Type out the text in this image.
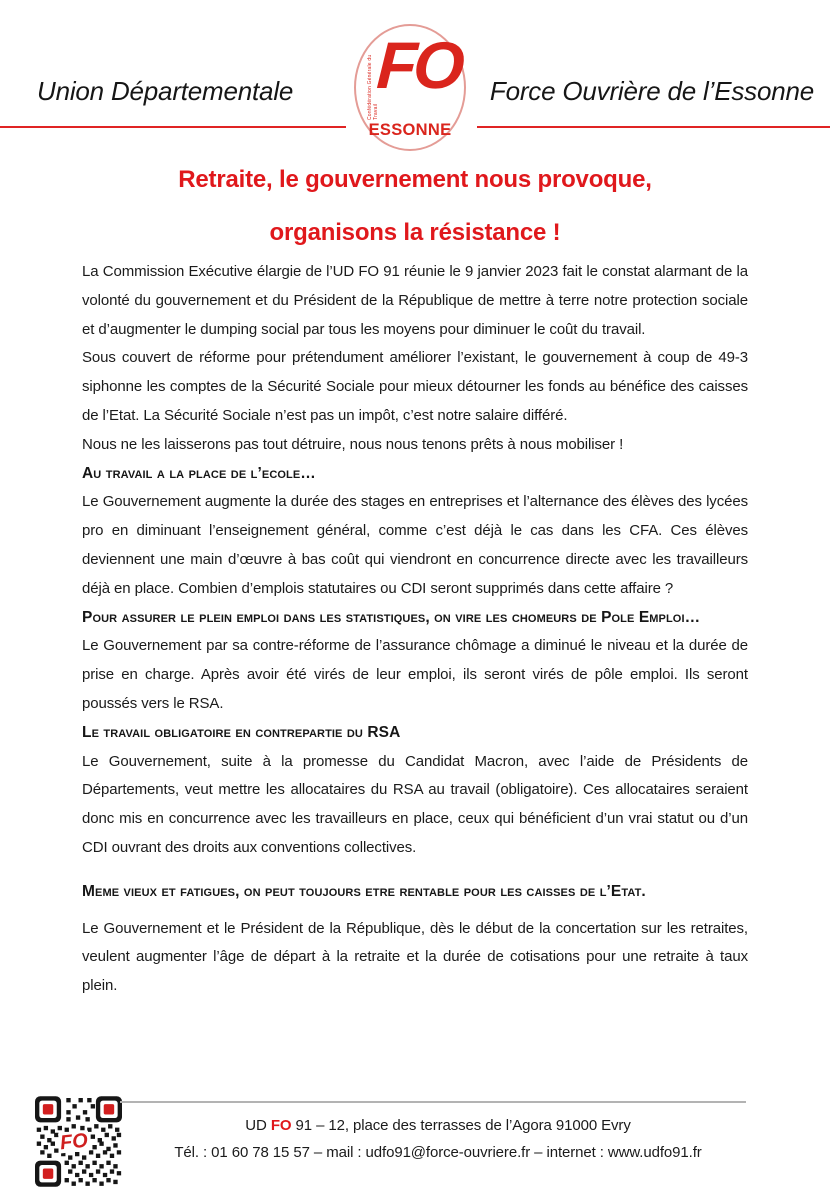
Union Départementale	Force Ouvrière de l’Essonne
Confédération Générale du Travail
FO
ESSONNE
Retraite, le gouvernement nous provoque,
organisons la résistance !

La Commission Exécutive élargie de l’UD FO 91 réunie le 9 janvier 2023 fait le constat alarmant de la volonté du gouvernement et du Président de la République de mettre à terre notre protection sociale et d’augmenter le dumping social par tous les moyens pour diminuer le coût du travail.

Sous couvert de réforme pour prétendument améliorer l’existant, le gouvernement à coup de 49-3 siphonne les comptes de la Sécurité Sociale pour mieux détourner les fonds au bénéfice des caisses de l’Etat. La Sécurité Sociale n’est pas un impôt, c’est notre salaire différé.

Nous ne les laisserons pas tout détruire, nous nous tenons prêts à nous mobiliser !

Au travail a la place de l’ecole…

Le Gouvernement augmente la durée des stages en entreprises et l’alternance des élèves des lycées pro en diminuant l’enseignement général, comme c’est déjà le cas dans les CFA. Ces élèves deviennent une main d’œuvre à bas coût qui viendront en concurrence directe avec les travailleurs déjà en place. Combien d’emplois statutaires ou CDI seront supprimés dans cette affaire ?

Pour assurer le plein emploi dans les statistiques, on vire les chomeurs de Pole Emploi…

Le Gouvernement par sa contre-réforme de l’assurance chômage a diminué le niveau et la durée de prise en charge. Après avoir été virés de leur emploi, ils seront virés de pôle emploi. Ils seront poussés vers le RSA.

Le travail obligatoire en contrepartie du RSA

Le Gouvernement, suite à la promesse du Candidat Macron, avec l’aide de Présidents de Départements, veut mettre les allocataires du RSA au travail (obligatoire). Ces allocataires seraient donc mis en concurrence avec les travailleurs en place, ceux qui bénéficient d’un vrai statut ou d’un CDI ouvrant des droits aux conventions collectives.

Meme vieux et fatigues, on peut toujours etre rentable pour les caisses de l’Etat.

Le Gouvernement et le Président de la République, dès le début de la concertation sur les retraites, veulent augmenter l’âge de départ à la retraite et la durée de cotisations pour une retraite à taux plein.

FO
UD FO 91 – 12, place des terrasses de l’Agora 91000 Evry
Tél. : 01 60 78 15 57 – mail : udfo91@force-ouvriere.fr – internet : www.udfo91.fr
